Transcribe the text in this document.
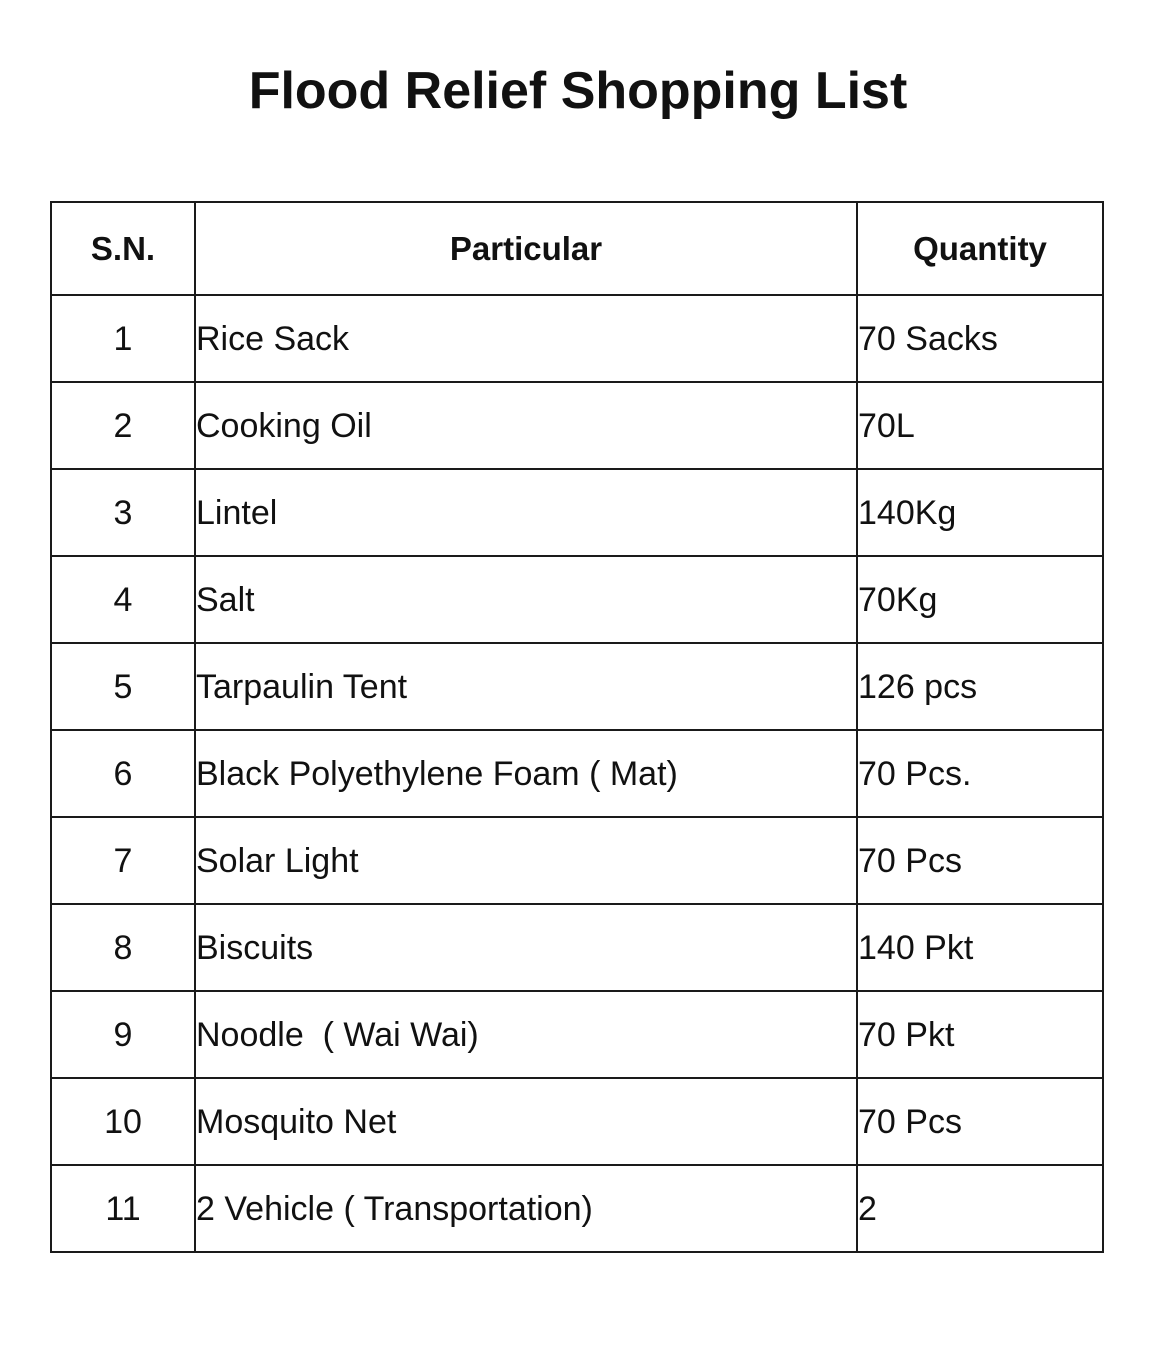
Flood Relief Shopping List
S.N.	Particular	Quantity
1	Rice Sack	70 Sacks
2	Cooking Oil	70L
3	Lintel	140Kg
4	Salt	70Kg
5	Tarpaulin Tent	126 pcs
6	Black Polyethylene Foam ( Mat)	70 Pcs.
7	Solar Light	70 Pcs
8	Biscuits	140 Pkt
9	Noodle  ( Wai Wai)	70 Pkt
10	Mosquito Net	70 Pcs
11	2 Vehicle ( Transportation)	2
